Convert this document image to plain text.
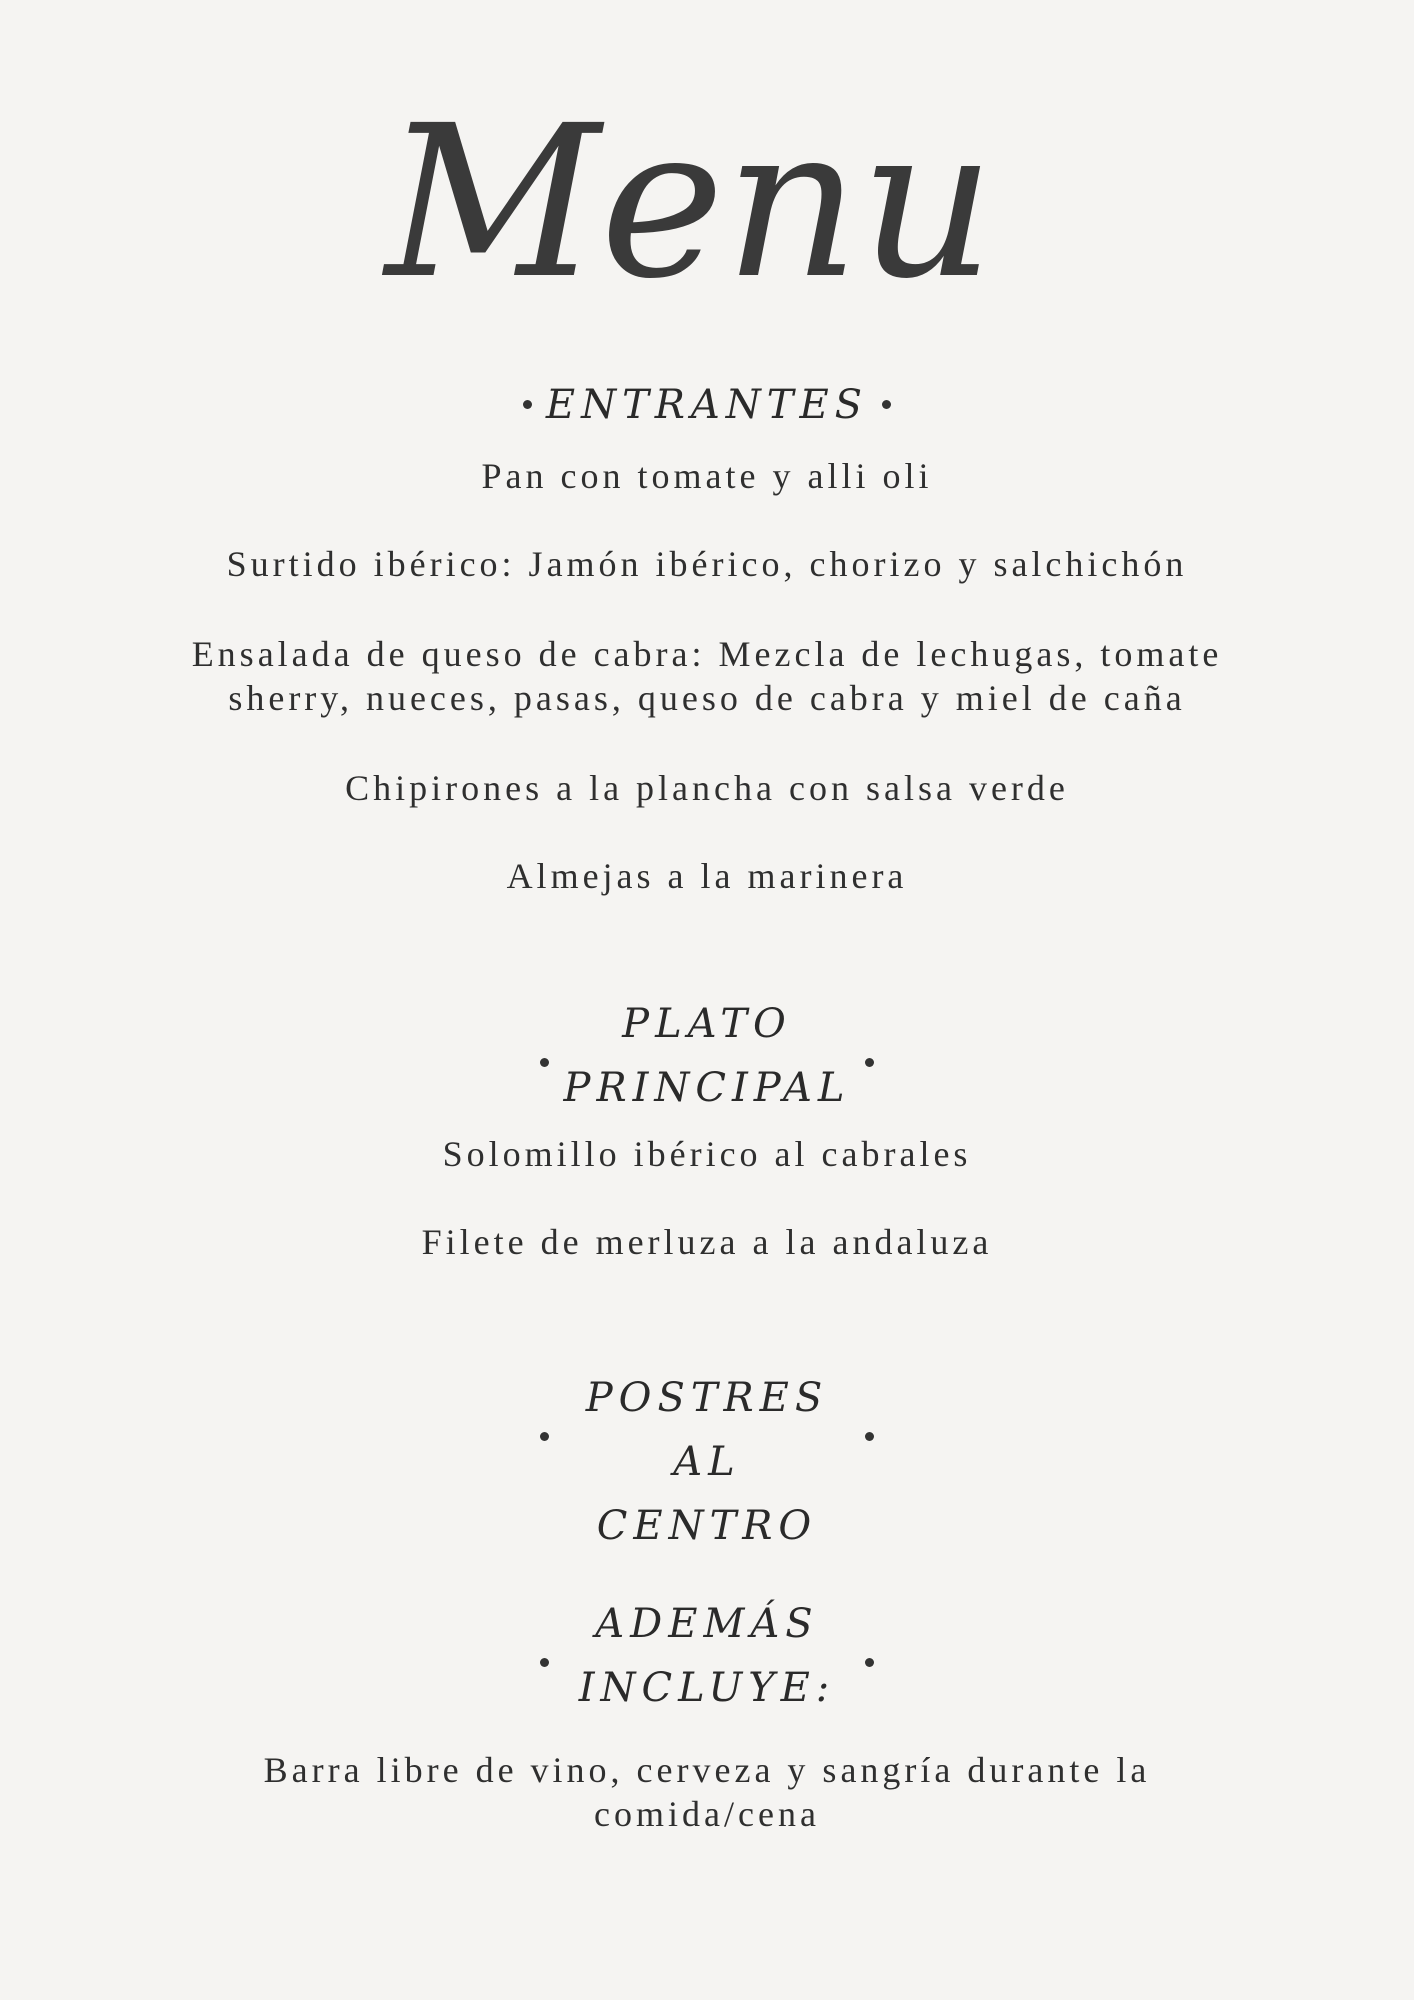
Menu
ENTRANTES
Pan con tomate y alli oli
Surtido ibérico: Jamón ibérico, chorizo y salchichón
Ensalada de queso de cabra: Mezcla de lechugas, tomate sherry, nueces, pasas, queso de cabra y miel de caña
Chipirones a la plancha con salsa verde
Almejas a la marinera
PLATO
PRINCIPAL
Solomillo ibérico al cabrales
Filete de merluza a la andaluza
POSTRES
AL CENTRO
ADEMÁS
INCLUYE:
Barra libre de vino, cerveza y sangría durante la comida/cena
